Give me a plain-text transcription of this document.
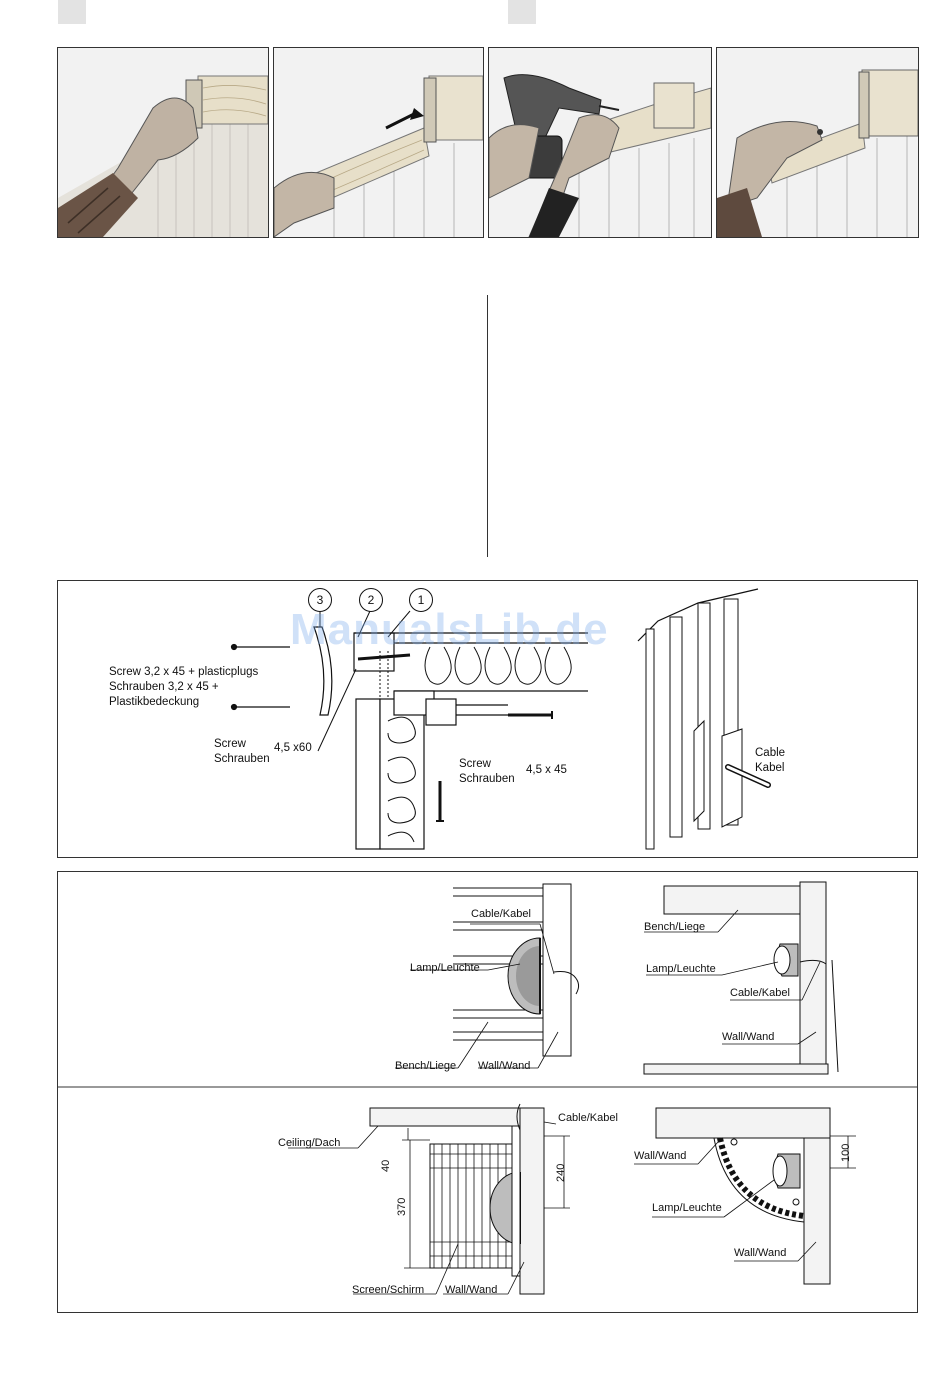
3	2	1
Screw 3,2 x 45 + plasticplugs
Schrauben 3,2 x 45 +
Plastikbedeckung
Screw
Schrauben
4,5 x60
Screw
Schrauben
4,5 x 45
Cable
Kabel
ManualsLib.de
Cable/Kabel
Lamp/Leuchte
Bench/Liege Wall/Wand
Bench/Liege
Lamp/Leuchte
Cable/Kabel
Wall/Wand
Ceiling/Dach
Cable/Kabel
40
370
240
Screen/Schirm Wall/Wand
Wall/Wand	100
Lamp/Leuchte
Wall/Wand
